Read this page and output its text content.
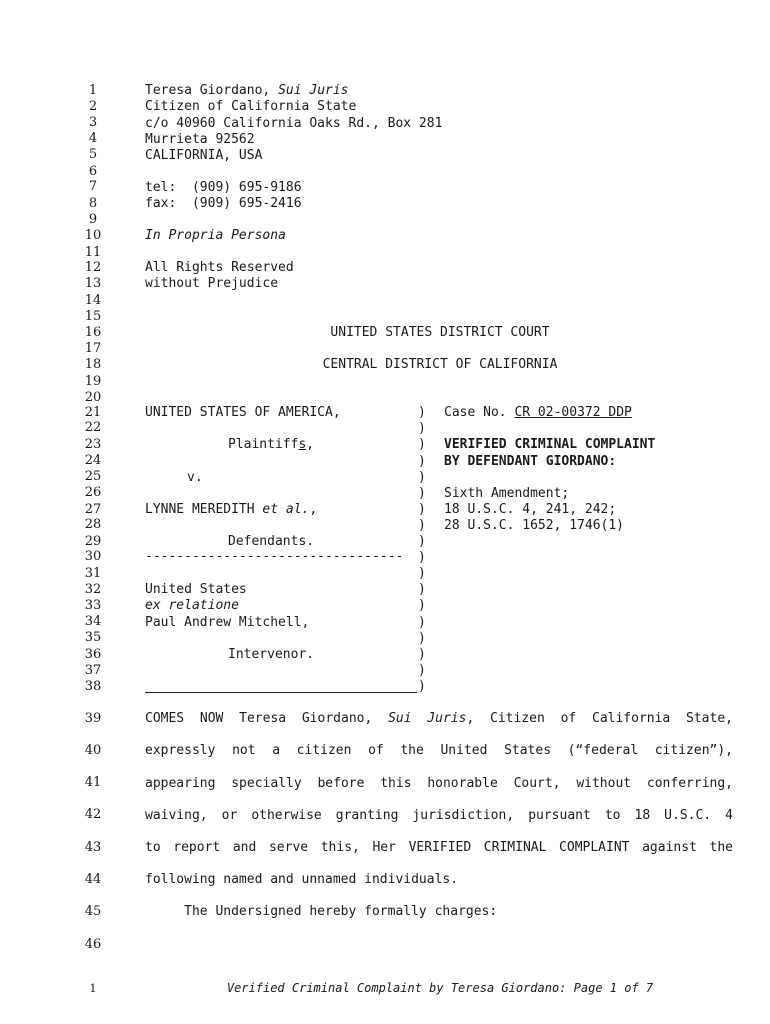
1
2
3
4
5
6
7
8
9
10
11
12
13
14
15
16
17
18
19
20
21
22
23
24
25
26
27
28
29
30
31
32
33
34
35
36
37
38
39
40
41
42
43
44
45
46
Teresa Giordano, Sui Juris
Citizen of California State
c/o 40960 California Oaks Rd., Box 281
Murrieta 92562
CALIFORNIA, USA
tel:  (909) 695-9186
fax:  (909) 695-2416
In Propria Persona
All Rights Reserved
without Prejudice
UNITED STATES DISTRICT COURT
CENTRAL DISTRICT OF CALIFORNIA
UNITED STATES OF AMERICA,
Plaintiffs,
v.
LYNNE MEREDITH et al.,
Defendants.
---------------------------------
United States
ex relatione
Paul Andrew Mitchell,
Intervenor.
)
)
)
)
)
)
)
)
)
)
)
)
)
)
)
)
)
)
Case No. CR 02-00372 DDP
VERIFIED CRIMINAL COMPLAINT
BY DEFENDANT GIORDANO:
Sixth Amendment;
18 U.S.C. 4, 241, 242;
28 U.S.C. 1652, 1746(1)
COMES NOW Teresa Giordano, Sui Juris, Citizen of California State,
expressly not a citizen of the United States (“federal citizen”),
appearing specially before this honorable Court, without conferring,
waiving, or otherwise granting jurisdiction, pursuant to 18 U.S.C. 4
to report and serve this, Her VERIFIED CRIMINAL COMPLAINT against the
following named and unnamed individuals.
The Undersigned hereby formally charges:
1	Verified Criminal Complaint by Teresa Giordano: Page 1 of 7
